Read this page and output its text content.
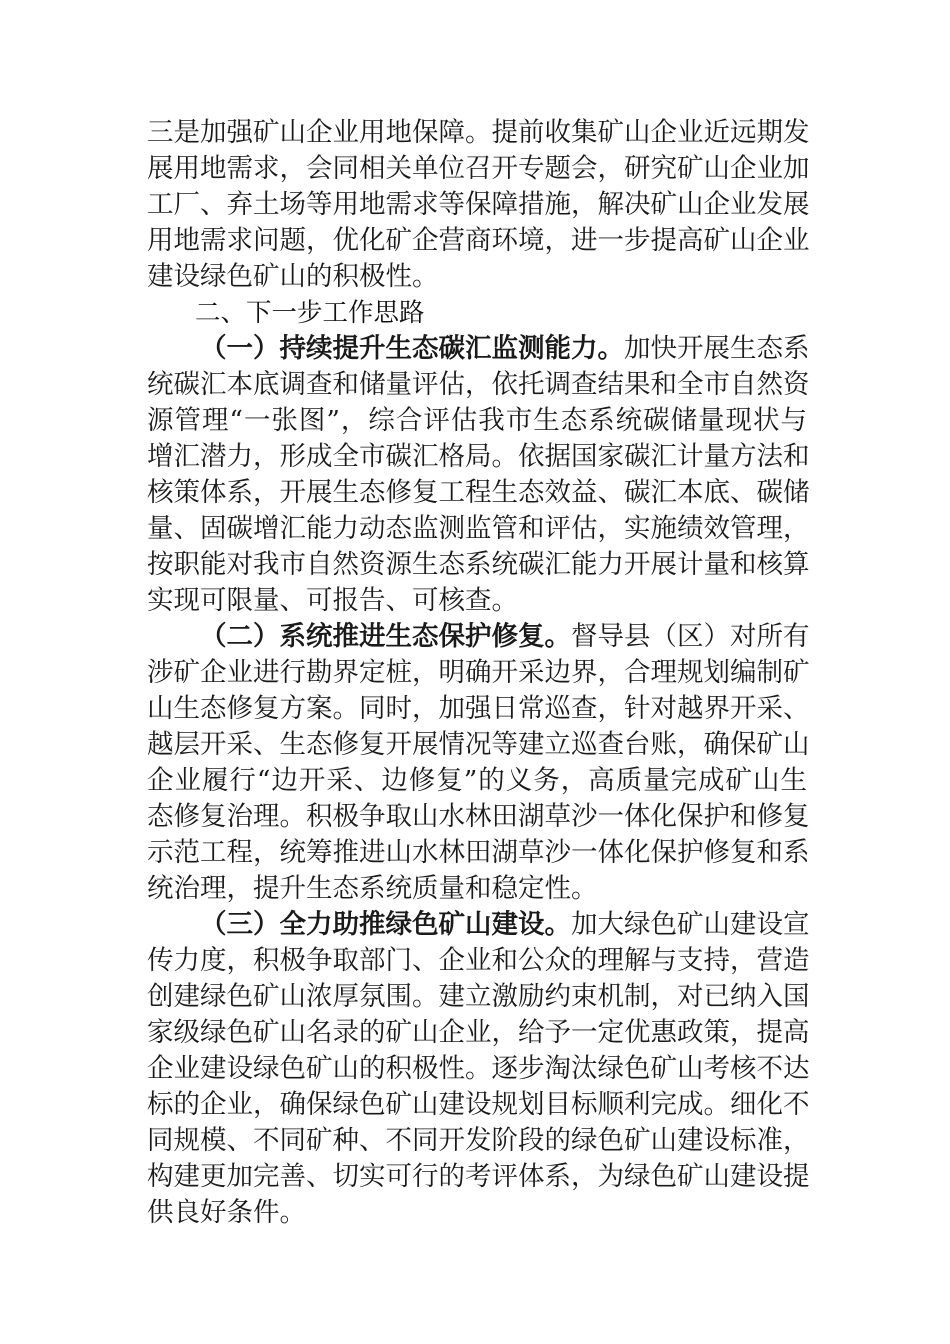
三是加强矿山企业用地保障。提前收集矿山企业近远期发
展用地需求，会同相关单位召开专题会，研究矿山企业加
工厂、弃土场等用地需求等保障措施，解决矿山企业发展
用地需求问题，优化矿企营商环境，进一步提高矿山企业
建设绿色矿山的积极性。
二、下一步工作思路
（一）持续提升生态碳汇监测能力。加快开展生态系
统碳汇本底调查和储量评估，依托调查结果和全市自然资
源管理“一张图”，综合评估我市生态系统碳储量现状与
增汇潜力，形成全市碳汇格局。依据国家碳汇计量方法和
核策体系，开展生态修复工程生态效益、碳汇本底、碳储
量、固碳增汇能力动态监测监管和评估，实施绩效管理，
按职能对我市自然资源生态系统碳汇能力开展计量和核算
实现可限量、可报告、可核查。
（二）系统推进生态保护修复。督导县（区）对所有
涉矿企业进行勘界定桩，明确开采边界，合理规划编制矿
山生态修复方案。同时，加强日常巡查，针对越界开采、
越层开采、生态修复开展情况等建立巡查台账，确保矿山
企业履行“边开采、边修复”的义务，高质量完成矿山生
态修复治理。积极争取山水林田湖草沙一体化保护和修复
示范工程，统筹推进山水林田湖草沙一体化保护修复和系
统治理，提升生态系统质量和稳定性。
（三）全力助推绿色矿山建设。加大绿色矿山建设宣
传力度，积极争取部门、企业和公众的理解与支持，营造
创建绿色矿山浓厚氛围。建立激励约束机制，对已纳入国
家级绿色矿山名录的矿山企业，给予一定优惠政策，提高
企业建设绿色矿山的积极性。逐步淘汰绿色矿山考核不达
标的企业，确保绿色矿山建设规划目标顺利完成。细化不
同规模、不同矿种、不同开发阶段的绿色矿山建设标准，
构建更加完善、切实可行的考评体系，为绿色矿山建设提
供良好条件。
